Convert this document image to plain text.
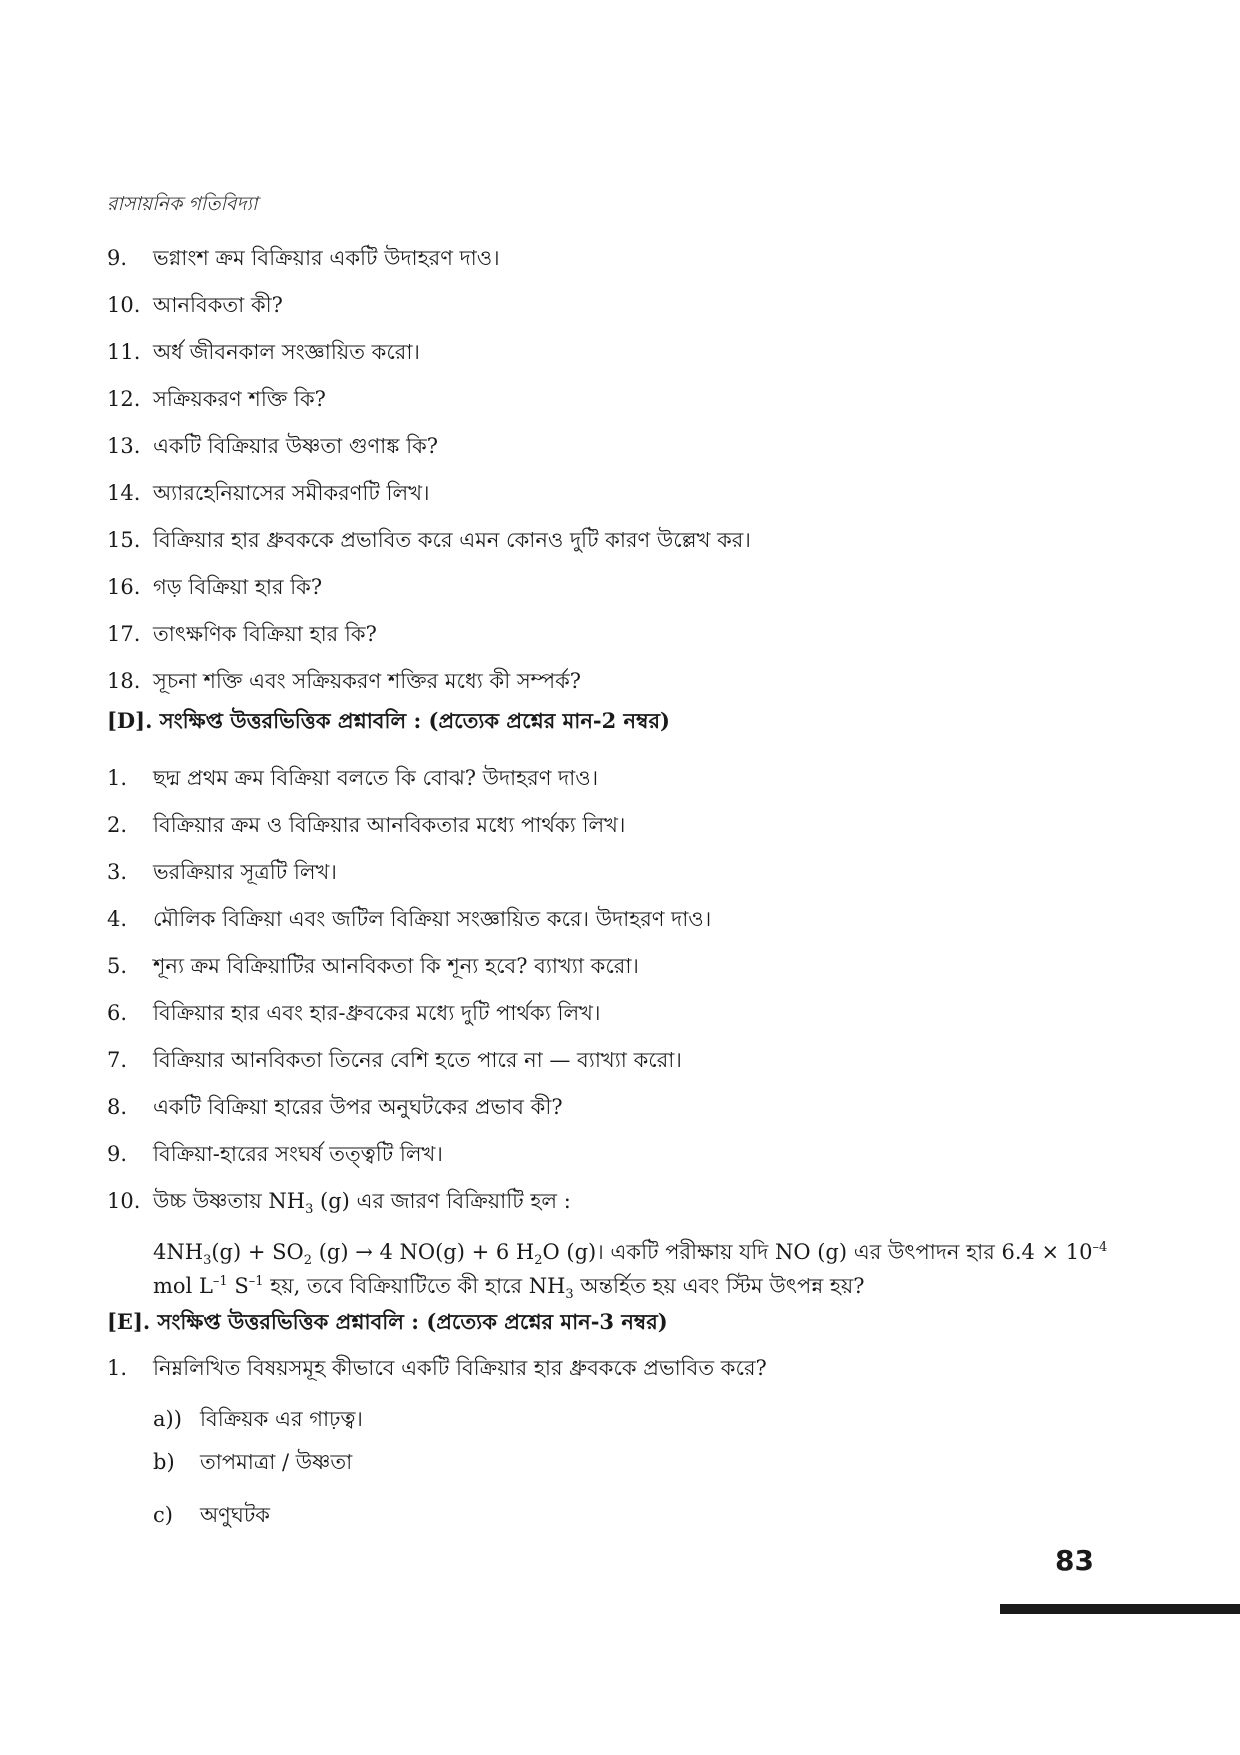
রাসায়নিক গতিবিদ্যা
9. ভগ্নাংশ ক্রম বিক্রিয়ার একটি উদাহরণ দাও।
10. আনবিকতা কী?
11. অর্ধ জীবনকাল সংজ্ঞায়িত করো।
12. সক্রিয়করণ শক্তি কি?
13. একটি বিক্রিয়ার উষ্ণতা গুণাঙ্ক কি?
14. অ্যারহেনিয়াসের সমীকরণটি লিখ।
15. বিক্রিয়ার হার ধ্রুবককে প্রভাবিত করে এমন কোনও দুটি কারণ উল্লেখ কর।
16. গড় বিক্রিয়া হার কি?
17. তাৎক্ষণিক বিক্রিয়া হার কি?
18. সূচনা শক্তি এবং সক্রিয়করণ শক্তির মধ্যে কী সম্পর্ক?
[D]. সংক্ষিপ্ত উত্তরভিত্তিক প্রশ্নাবলি : (প্রত্যেক প্রশ্নের মান-2 নম্বর)
1. ছদ্ম প্রথম ক্রম বিক্রিয়া বলতে কি বোঝ? উদাহরণ দাও।
2. বিক্রিয়ার ক্রম ও বিক্রিয়ার আনবিকতার মধ্যে পার্থক্য লিখ।
3. ভরক্রিয়ার সূত্রটি লিখ।
4. মৌলিক বিক্রিয়া এবং জটিল বিক্রিয়া সংজ্ঞায়িত করে। উদাহরণ দাও।
5. শূন্য ক্রম বিক্রিয়াটির আনবিকতা কি শূন্য হবে? ব্যাখ্যা করো।
6. বিক্রিয়ার হার এবং হার-ধ্রুবকের মধ্যে দুটি পার্থক্য লিখ।
7. বিক্রিয়ার আনবিকতা তিনের বেশি হতে পারে না — ব্যাখ্যা করো।
8. একটি বিক্রিয়া হারের উপর অনুঘটকের প্রভাব কী?
9. বিক্রিয়া-হারের সংঘর্ষ তত্ত্বটি লিখ।
10. উচ্চ উষ্ণতায় $NH_3$ (g) এর জারণ বিক্রিয়াটি হল :
$4NH_3(g) + SO_2$ (g) → 4 NO(g) + 6 $H_2O$ (g)। একটি পরীক্ষায় যদি NO (g) এর উৎপাদন হার $6.4 \times 10^{-4}$
mol $L^{-1}$ $S^{-1}$ হয়, তবে বিক্রিয়াটিতে কী হারে $NH_3$ অন্তর্হিত হয় এবং স্টিম উৎপন্ন হয়?
[E]. সংক্ষিপ্ত উত্তরভিত্তিক প্রশ্নাবলি : (প্রত্যেক প্রশ্নের মান-3 নম্বর)
1. নিম্নলিখিত বিষয়সমূহ কীভাবে একটি বিক্রিয়ার হার ধ্রুবককে প্রভাবিত করে?
a)) বিক্রিয়ক এর গাঢ়ত্ব।
b) তাপমাত্রা / উষ্ণতা
c) অণুঘটক
83
